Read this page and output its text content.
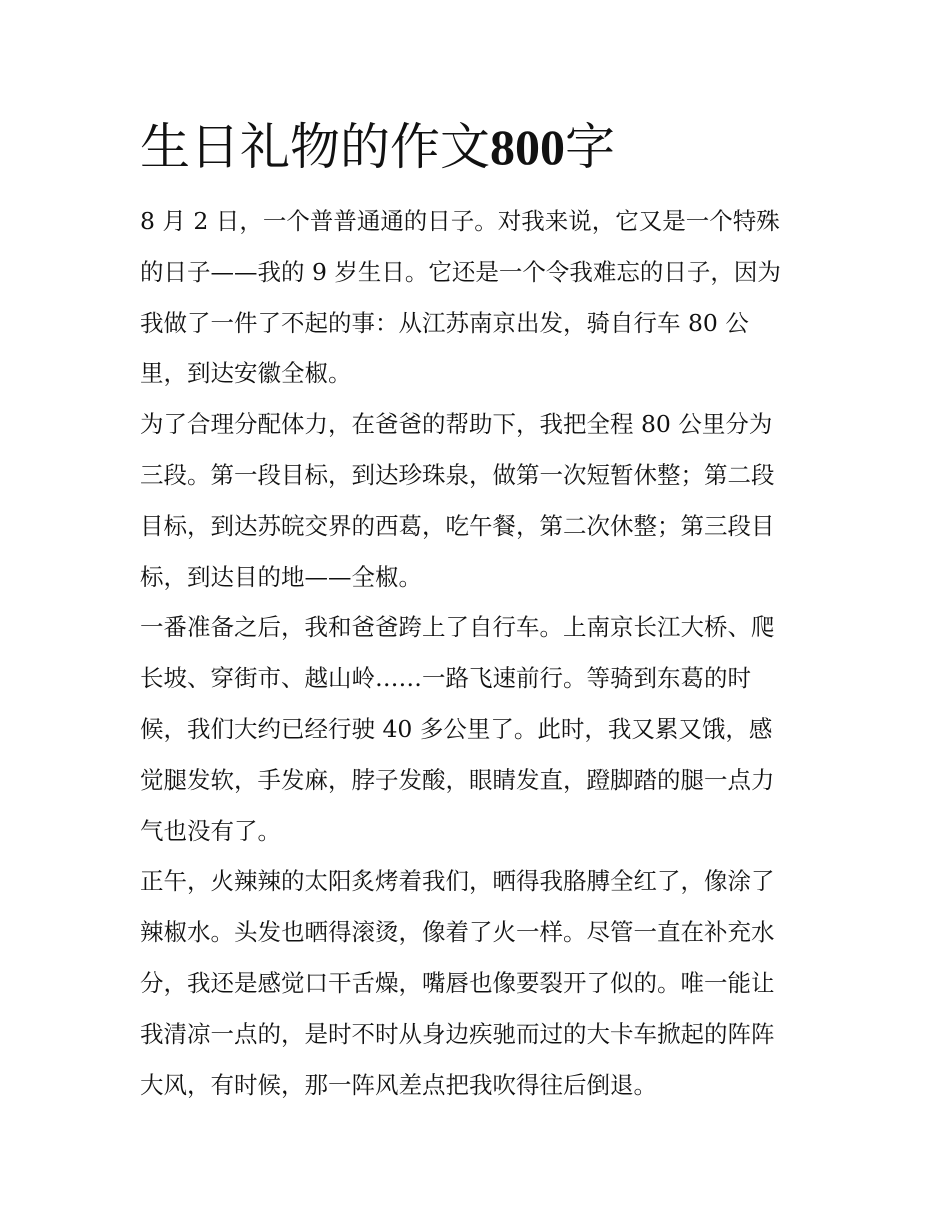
生日礼物的作文800字
8 月 2 日，一个普普通通的日子。对我来说，它又是一个特殊
的日子——我的 9 岁生日。它还是一个令我难忘的日子，因为
我做了一件了不起的事：从江苏南京出发，骑自行车 80 公
里，到达安徽全椒。
为了合理分配体力，在爸爸的帮助下，我把全程 80 公里分为
三段。第一段目标，到达珍珠泉，做第一次短暂休整；第二段
目标，到达苏皖交界的西葛，吃午餐，第二次休整；第三段目
标，到达目的地——全椒。
一番准备之后，我和爸爸跨上了自行车。上南京长江大桥、爬
长坡、穿街市、越山岭……一路飞速前行。等骑到东葛的时
候，我们大约已经行驶 40 多公里了。此时，我又累又饿，感
觉腿发软，手发麻，脖子发酸，眼睛发直，蹬脚踏的腿一点力
气也没有了。
正午，火辣辣的太阳炙烤着我们，晒得我胳膊全红了，像涂了
辣椒水。头发也晒得滚烫，像着了火一样。尽管一直在补充水
分，我还是感觉口干舌燥，嘴唇也像要裂开了似的。唯一能让
我清凉一点的，是时不时从身边疾驰而过的大卡车掀起的阵阵
大风，有时候，那一阵风差点把我吹得往后倒退。
